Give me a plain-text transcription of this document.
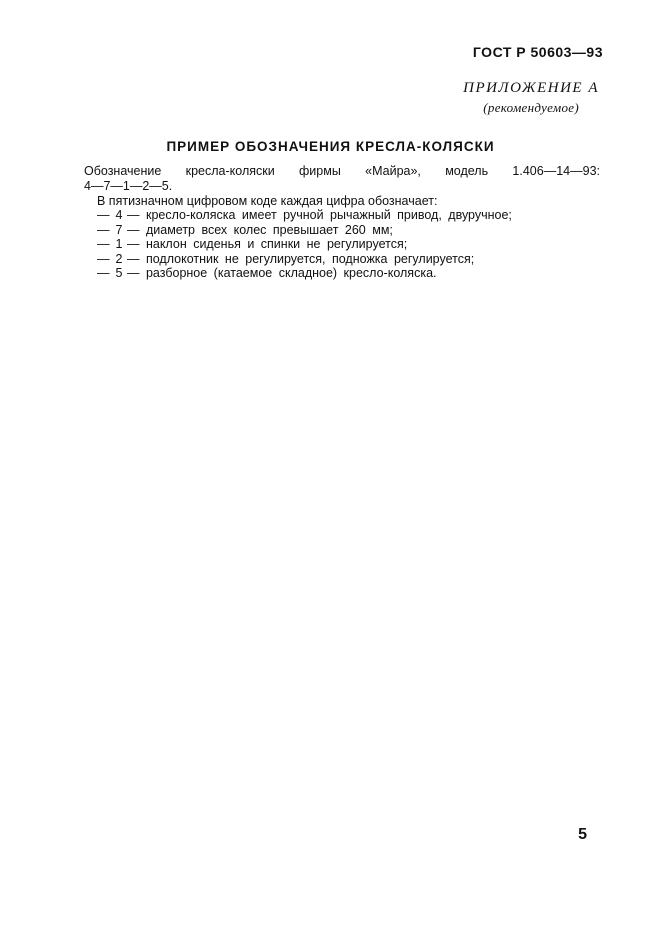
ГОСТ Р 50603—93
ПРИЛОЖЕНИЕ А
(рекомендуемое)
ПРИМЕР ОБОЗНАЧЕНИЯ КРЕСЛА-КОЛЯСКИ
Обозначение кресла-коляски фирмы «Майра», модель 1.406—14—93:
4—7—1—2—5.
В пятизначном цифровом коде каждая цифра обозначает:
— 4 — кресло-коляска имеет ручной рычажный привод, двуручное;
— 7 — диаметр всех колес превышает 260 мм;
— 1 — наклон сиденья и спинки не регулируется;
— 2 — подлокотник не регулируется, подножка регулируется;
— 5 — разборное (катаемое складное) кресло-коляска.
5
